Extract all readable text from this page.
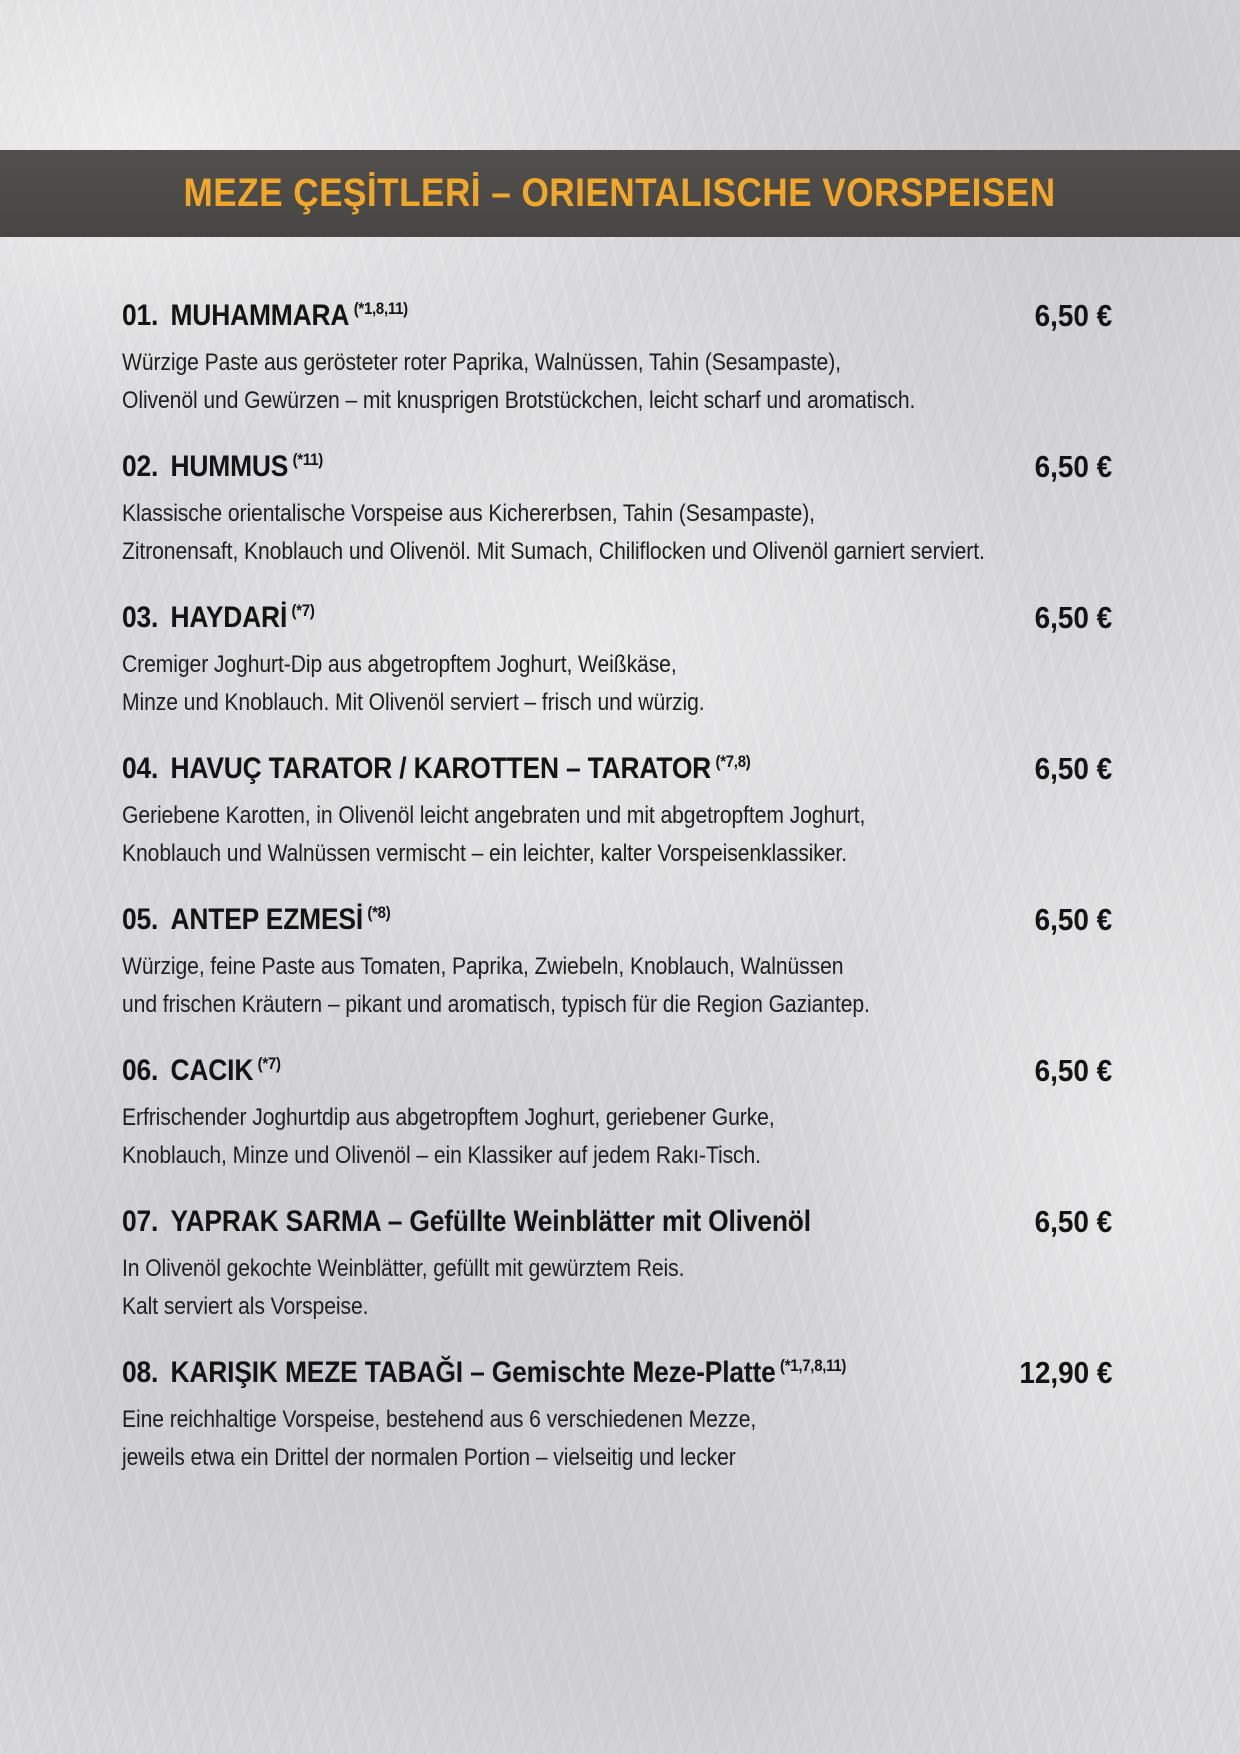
MEZE ÇEŞİTLERİ – ORIENTALISCHE VORSPEISEN
01. MUHAMMARA $^{(*1,8,11)}$	6,50 €
Würzige Paste aus gerösteter roter Paprika, Walnüssen, Tahin (Sesampaste),
Olivenöl und Gewürzen – mit knusprigen Brotstückchen, leicht scharf und aromatisch.
02. HUMMUS $^{(*11)}$	6,50 €
Klassische orientalische Vorspeise aus Kichererbsen, Tahin (Sesampaste),
Zitronensaft, Knoblauch und Olivenöl. Mit Sumach, Chiliflocken und Olivenöl garniert serviert.
03. HAYDARİ $^{(*7)}$	6,50 €
Cremiger Joghurt-Dip aus abgetropftem Joghurt, Weißkäse,
Minze und Knoblauch. Mit Olivenöl serviert – frisch und würzig.
04. HAVUÇ TARATOR / KAROTTEN – TARATOR $^{(*7,8)}$	6,50 €
Geriebene Karotten, in Olivenöl leicht angebraten und mit abgetropftem Joghurt,
Knoblauch und Walnüssen vermischt – ein leichter, kalter Vorspeisenklassiker.
05. ANTEP EZMESİ $^{(*8)}$	6,50 €
Würzige, feine Paste aus Tomaten, Paprika, Zwiebeln, Knoblauch, Walnüssen
und frischen Kräutern – pikant und aromatisch, typisch für die Region Gaziantep.
06. CACIK $^{(*7)}$	6,50 €
Erfrischender Joghurtdip aus abgetropftem Joghurt, geriebener Gurke,
Knoblauch, Minze und Olivenöl – ein Klassiker auf jedem Rakı-Tisch.
07. YAPRAK SARMA – Gefüllte Weinblätter mit Olivenöl	6,50 €
In Olivenöl gekochte Weinblätter, gefüllt mit gewürztem Reis.
Kalt serviert als Vorspeise.
08. KARIŞIK MEZE TABAĞI – Gemischte Meze-Platte $^{(*1,7,8,11)}$	12,90 €
Eine reichhaltige Vorspeise, bestehend aus 6 verschiedenen Mezze,
jeweils etwa ein Drittel der normalen Portion – vielseitig und lecker
